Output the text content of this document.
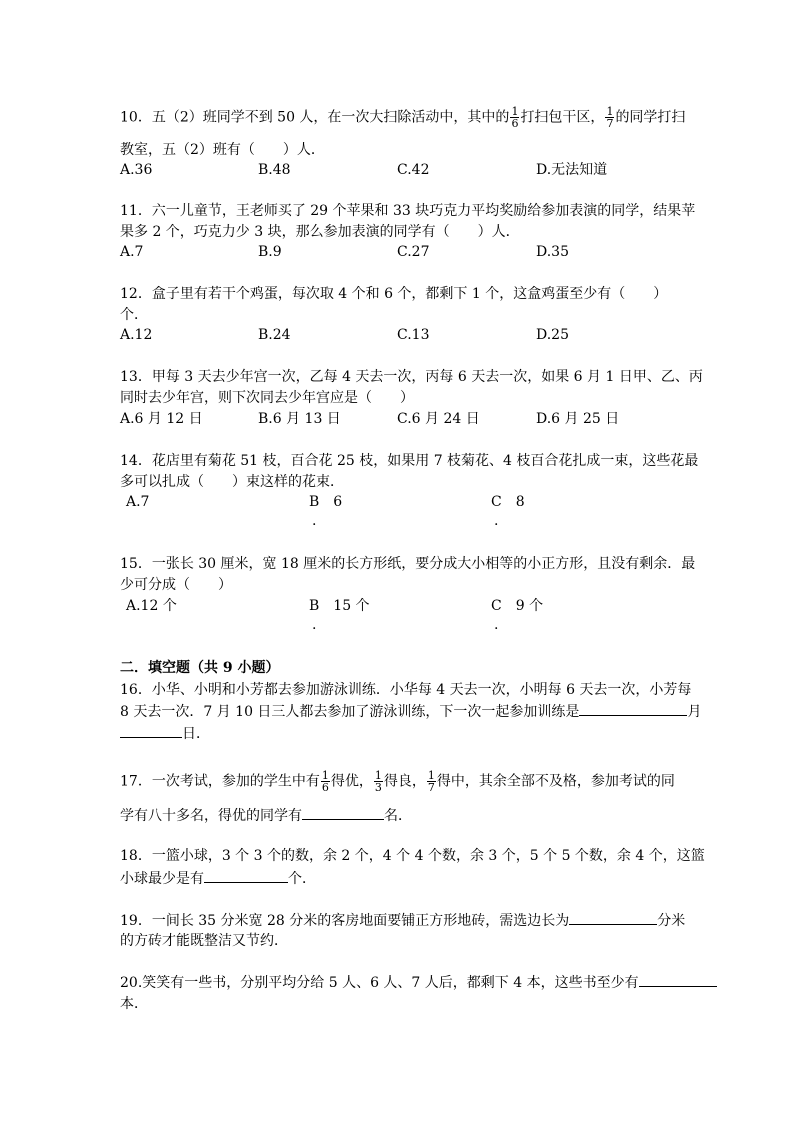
10．五（2）班同学不到 50 人，在一次大扫除活动中，其中的 $\frac{1}{6}$ 打扫包干区， $\frac{1}{7}$ 的同学打扫
教室，五（2）班有（　　）人．
A.36	B.48	C.42	D.无法知道
11．六一儿童节，王老师买了 29 个苹果和 33 块巧克力平均奖励给参加表演的同学，结果苹
果多 2 个，巧克力少 3 块，那么参加表演的同学有（　　）人．
A.7	B.9	C.27	D.35
12．盒子里有若干个鸡蛋，每次取 4 个和 6 个，都剩下 1 个，这盒鸡蛋至少有（　　）
个．
A.12	B.24	C.13	D.25
13．甲每 3 天去少年宫一次，乙每 4 天去一次，丙每 6 天去一次，如果 6 月 1 日甲、乙、丙
同时去少年宫，则下次同去少年宫应是（　　）
A.6 月 12 日	B.6 月 13 日	C.6 月 24 日	D.6 月 25 日
14．花店里有菊花 51 枝，百合花 25 枝，如果用 7 枝菊花、4 枝百合花扎成一束，这些花最
多可以扎成（　　）束这样的花束．
A.7	B　6	C　8
.	.
15．一张长 30 厘米，宽 18 厘米的长方形纸，要分成大小相等的小正方形，且没有剩余．最
少可分成（　　）
A.12 个	B　15 个	C　9 个
.	.
二．填空题（共 9 小题）
16．小华、小明和小芳都去参加游泳训练．小华每 4 天去一次，小明每 6 天去一次，小芳每
8 天去一次．7 月 10 日三人都去参加了游泳训练，下一次一起参加训练是	月
日．
17．一次考试，参加的学生中有 $\frac{1}{6}$ 得优， $\frac{1}{3}$ 得良， $\frac{1}{7}$ 得中，其余全部不及格，参加考试的同
学有八十多名，得优的同学有	名．
18．一篮小球，3 个 3 个的数，余 2 个，4 个 4 个数，余 3 个，5 个 5 个数，余 4 个，这篮
小球最少是有	个．
19．一间长 35 分米宽 28 分米的客房地面要铺正方形地砖，需选边长为	分米
的方砖才能既整洁又节约．
20.笑笑有一些书，分别平均分给 5 人、6 人、7 人后，都剩下 4 本，这些书至少有
本．
